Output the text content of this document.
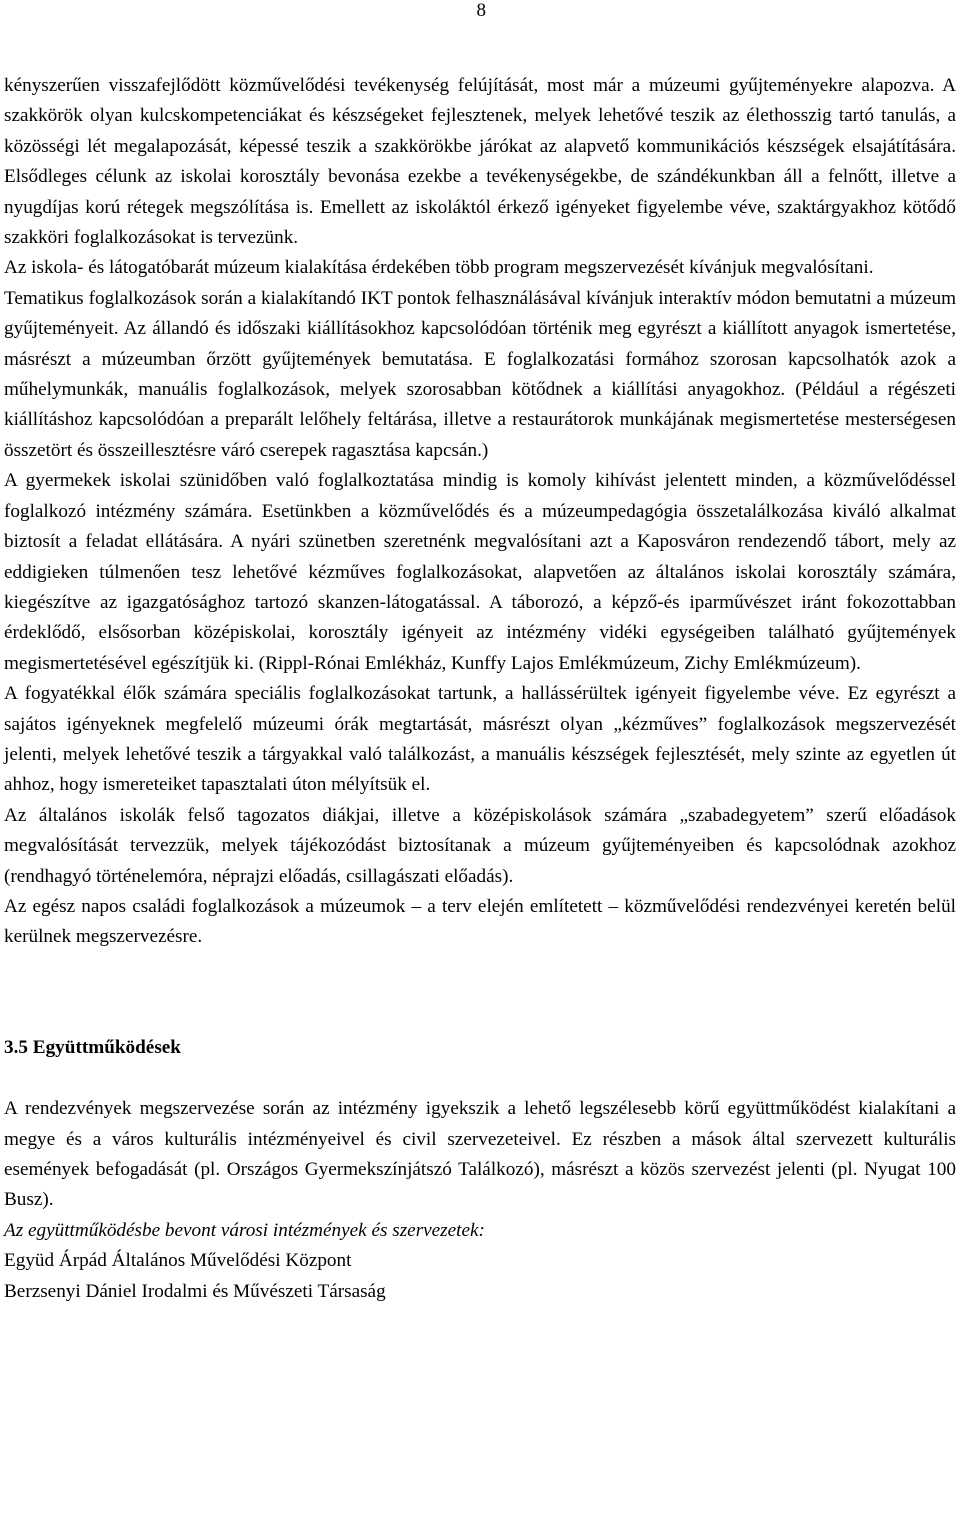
8

kényszerűen visszafejlődött közművelődési tevékenység felújítását, most már a múzeumi gyűjteményekre alapozva. A szakkörök olyan kulcskompetenciákat és készségeket fejlesztenek, melyek lehetővé teszik az élethosszig tartó tanulás, a közösségi lét megalapozását, képessé teszik a szakkörökbe járókat az alapvető kommunikációs készségek elsajátítására. Elsődleges célunk az iskolai korosztály bevonása ezekbe a tevékenységekbe, de szándékunkban áll a felnőtt, illetve a nyugdíjas korú rétegek megszólítása is. Emellett az iskoláktól érkező igényeket figyelembe véve, szaktárgyakhoz kötődő szakköri foglalkozásokat is tervezünk.

Az iskola- és látogatóbarát múzeum kialakítása érdekében több program megszervezését kívánjuk megvalósítani.

Tematikus foglalkozások során a kialakítandó IKT pontok felhasználásával kívánjuk interaktív módon bemutatni a múzeum gyűjteményeit. Az állandó és időszaki kiállításokhoz kapcsolódóan történik meg egyrészt a kiállított anyagok ismertetése, másrészt a múzeumban őrzött gyűjtemények bemutatása. E foglalkozatási formához szorosan kapcsolhatók azok a műhelymunkák, manuális foglalkozások, melyek szorosabban kötődnek a kiállítási anyagokhoz. (Például a régészeti kiállításhoz kapcsolódóan a preparált lelőhely feltárása, illetve a restaurátorok munkájának megismertetése mesterségesen összetört és összeillesztésre váró cserepek ragasztása kapcsán.)

A gyermekek iskolai szünidőben való foglalkoztatása mindig is komoly kihívást jelentett minden, a közművelődéssel foglalkozó intézmény számára. Esetünkben a közművelődés és a múzeumpedagógia összetalálkozása kiváló alkalmat biztosít a feladat ellátására. A nyári szünetben szeretnénk megvalósítani azt a Kaposváron rendezendő tábort, mely az eddigieken túlmenően tesz lehetővé kézműves foglalkozásokat, alapvetően az általános iskolai korosztály számára, kiegészítve az igazgatósághoz tartozó skanzen-látogatással. A táborozó, a képző-és iparművészet iránt fokozottabban érdeklődő, elsősorban középiskolai, korosztály igényeit az intézmény vidéki egységeiben található gyűjtemények megismertetésével egészítjük ki. (Rippl-Rónai Emlékház, Kunffy Lajos Emlékmúzeum, Zichy Emlékmúzeum).

A fogyatékkal élők számára speciális foglalkozásokat tartunk, a hallássérültek igényeit figyelembe véve. Ez egyrészt a sajátos igényeknek megfelelő múzeumi órák megtartását, másrészt olyan „kézműves” foglalkozások megszervezését jelenti, melyek lehetővé teszik a tárgyakkal való találkozást, a manuális készségek fejlesztését, mely szinte az egyetlen út ahhoz, hogy ismereteiket tapasztalati úton mélyítsük el.

Az általános iskolák felső tagozatos diákjai, illetve a középiskolások számára „szabadegyetem” szerű előadások megvalósítását tervezzük, melyek tájékozódást biztosítanak a múzeum gyűjteményeiben és kapcsolódnak azokhoz (rendhagyó történelemóra, néprajzi előadás, csillagászati előadás).

Az egész napos családi foglalkozások a múzeumok – a terv elején említetett – közművelődési rendezvényei keretén belül kerülnek megszervezésre.

3.5 Együttműködések

A rendezvények megszervezése során az intézmény igyekszik a lehető legszélesebb körű együttműködést kialakítani a megye és a város kulturális intézményeivel és civil szervezeteivel. Ez részben a mások által szervezett kulturális események befogadását (pl. Országos Gyermekszínjátszó Találkozó), másrészt a közös szervezést jelenti (pl. Nyugat 100 Busz).

Az együttműködésbe bevont városi intézmények és szervezetek:

Együd Árpád Általános Művelődési Központ

Berzsenyi Dániel Irodalmi és Művészeti Társaság
